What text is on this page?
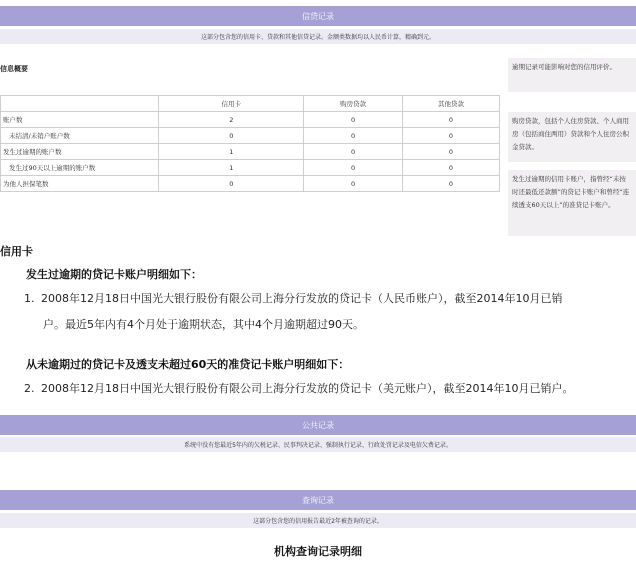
信贷记录
这部分包含您的信用卡、贷款和其他信贷记录。金额类数据均以人民币计算，精确到元。
信息概要
	信用卡	购房贷款	其他贷款
账户数	2	0	0
未结清/未销户账户数	0	0	0
发生过逾期的账户数	1	0	0
发生过90天以上逾期的账户数	1	0	0
为他人担保笔数	0	0	0
逾期记录可能影响对您的信用评价。
购房贷款，包括个人住房贷款、个人商用房（包括商住两用）贷款和个人住房公积金贷款。
发生过逾期的信用卡账户，指曾经“未按时还最低还款额”的贷记卡账户和曾经“连续透支60天以上”的准贷记卡账户。
信用卡
发生过逾期的贷记卡账户明细如下：
1. 2008年12月18日中国光大银行股份有限公司上海分行发放的贷记卡（人民币账户），截至2014年10月已销
户。最近5年内有4个月处于逾期状态，其中4个月逾期超过90天。
从未逾期过的贷记卡及透支未超过60天的准贷记卡账户明细如下：
2. 2008年12月18日中国光大银行股份有限公司上海分行发放的贷记卡（美元账户），截至2014年10月已销户。
公共记录
系统中没有您最近5年内的欠税记录、民事判决记录、强制执行记录、行政处罚记录及电信欠费记录。
查询记录
这部分包含您的信用报告最近2年被查询的记录。
机构查询记录明细
